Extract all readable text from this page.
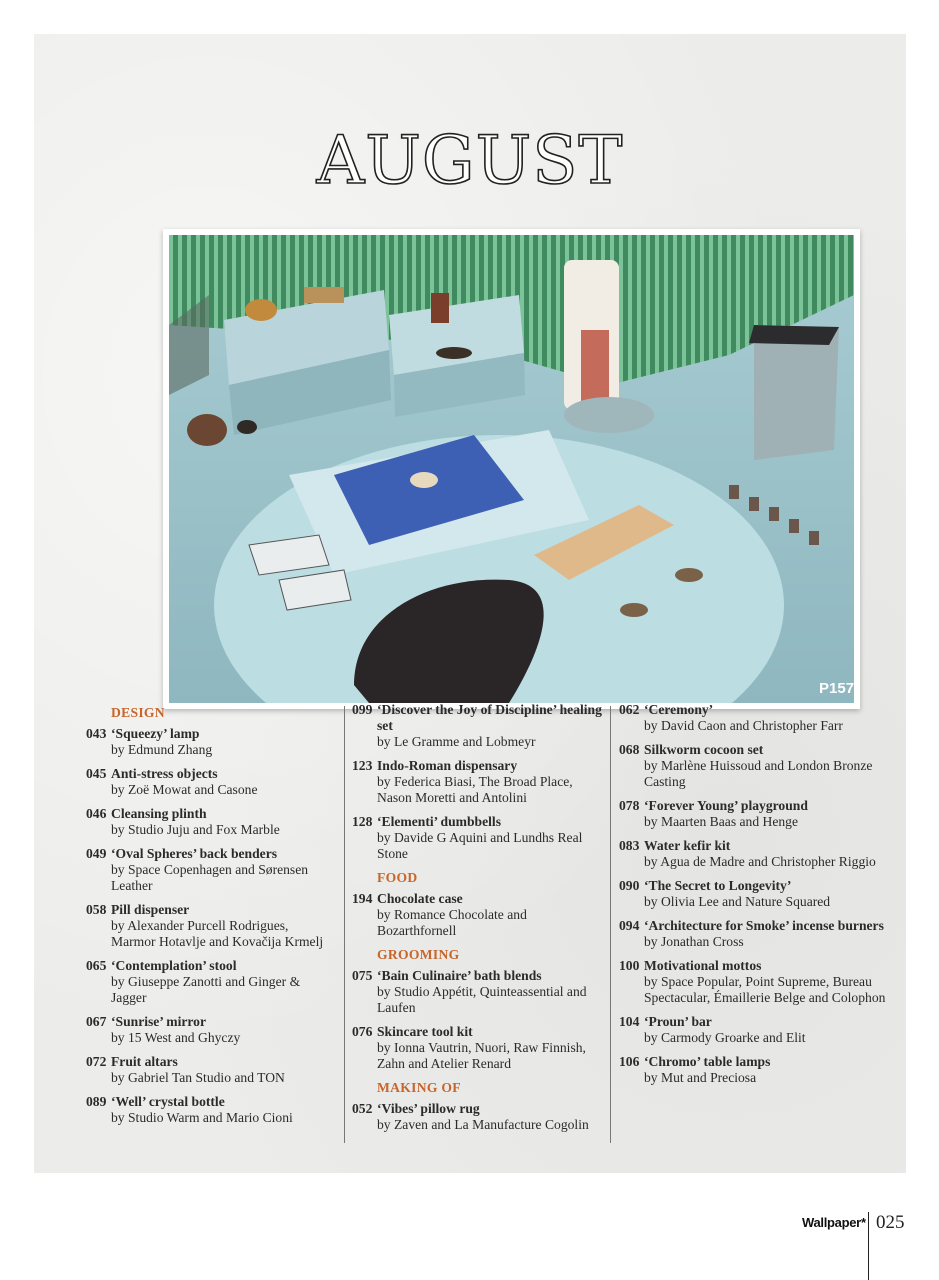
AUGUST
P157
DESIGN
043 ‘Squeezy’ lamp
by Edmund Zhang
045 Anti-stress objects
by Zoë Mowat and Casone
046 Cleansing plinth
by Studio Juju and Fox Marble
049 ‘Oval Spheres’ back benders
by Space Copenhagen and Sørensen Leather
058 Pill dispenser
by Alexander Purcell Rodrigues, Marmor Hotavlje and Kovačija Krmelj
065 ‘Contemplation’ stool
by Giuseppe Zanotti and Ginger & Jagger
067 ‘Sunrise’ mirror
by 15 West and Ghyczy
072 Fruit altars
by Gabriel Tan Studio and TON
089 ‘Well’ crystal bottle
by Studio Warm and Mario Cioni
099 ‘Discover the Joy of Discipline’ healing set
by Le Gramme and Lobmeyr
123 Indo-Roman dispensary
by Federica Biasi, The Broad Place, Nason Moretti and Antolini
128 ‘Elementi’ dumbbells
by Davide G Aquini and Lundhs Real Stone
FOOD
194 Chocolate case
by Romance Chocolate and Bozarthfornell
GROOMING
075 ‘Bain Culinaire’ bath blends
by Studio Appétit, Quinteassential and Laufen
076 Skincare tool kit
by Ionna Vautrin, Nuori, Raw Finnish, Zahn and Atelier Renard
MAKING OF
052 ‘Vibes’ pillow rug
by Zaven and La Manufacture Cogolin
062 ‘Ceremony’
by David Caon and Christopher Farr
068 Silkworm cocoon set
by Marlène Huissoud and London Bronze Casting
078 ‘Forever Young’ playground
by Maarten Baas and Henge
083 Water kefir kit
by Agua de Madre and Christopher Riggio
090 ‘The Secret to Longevity’
by Olivia Lee and Nature Squared
094 ‘Architecture for Smoke’ incense burners
by Jonathan Cross
100 Motivational mottos
by Space Popular, Point Supreme, Bureau Spectacular, Émaillerie Belge and Colophon
104 ‘Proun’ bar
by Carmody Groarke and Elit
106 ‘Chromo’ table lamps
by Mut and Preciosa
Wallpaper* 025
